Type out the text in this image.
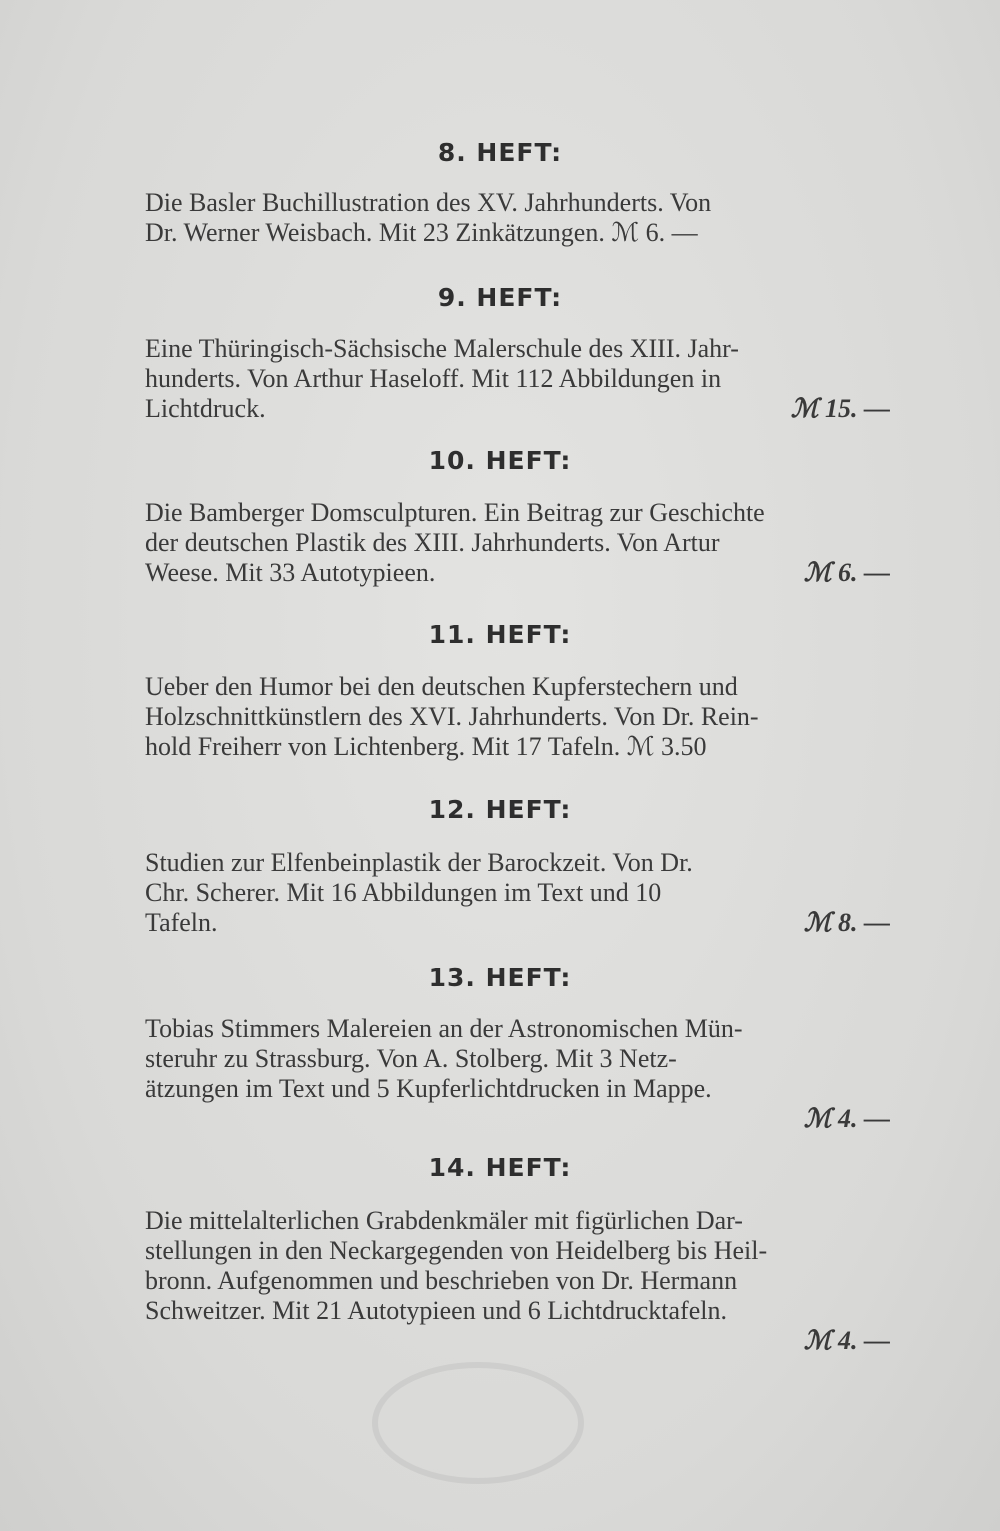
8. HEFT:
Die Basler Buchillustration des XV. Jahrhunderts. Von
Dr. Werner Weisbach. Mit 23 Zinkätzungen. ℳ 6. —
9. HEFT:
Eine Thüringisch-Sächsische Malerschule des XIII. Jahr-
hunderts. Von Arthur Haseloff. Mit 112 Abbildungen in
Lichtdruck.	ℳ 15. —
10. HEFT:
Die Bamberger Domsculpturen. Ein Beitrag zur Geschichte
der deutschen Plastik des XIII. Jahrhunderts. Von Artur
Weese. Mit 33 Autotypieen.	ℳ 6. —
11. HEFT:
Ueber den Humor bei den deutschen Kupferstechern und
Holzschnittkünstlern des XVI. Jahrhunderts. Von Dr. Rein-
hold Freiherr von Lichtenberg. Mit 17 Tafeln. ℳ 3.50
12. HEFT:
Studien zur Elfenbeinplastik der Barockzeit. Von Dr.
Chr. Scherer. Mit 16 Abbildungen im Text und 10
Tafeln.	ℳ 8. —
13. HEFT:
Tobias Stimmers Malereien an der Astronomischen Mün-
steruhr zu Strassburg. Von A. Stolberg. Mit 3 Netz-
ätzungen im Text und 5 Kupferlichtdrucken in Mappe.
ℳ 4. —
14. HEFT:
Die mittelalterlichen Grabdenkmäler mit figürlichen Dar-
stellungen in den Neckargegenden von Heidelberg bis Heil-
bronn. Aufgenommen und beschrieben von Dr. Hermann
Schweitzer. Mit 21 Autotypieen und 6 Lichtdrucktafeln.
ℳ 4. —
